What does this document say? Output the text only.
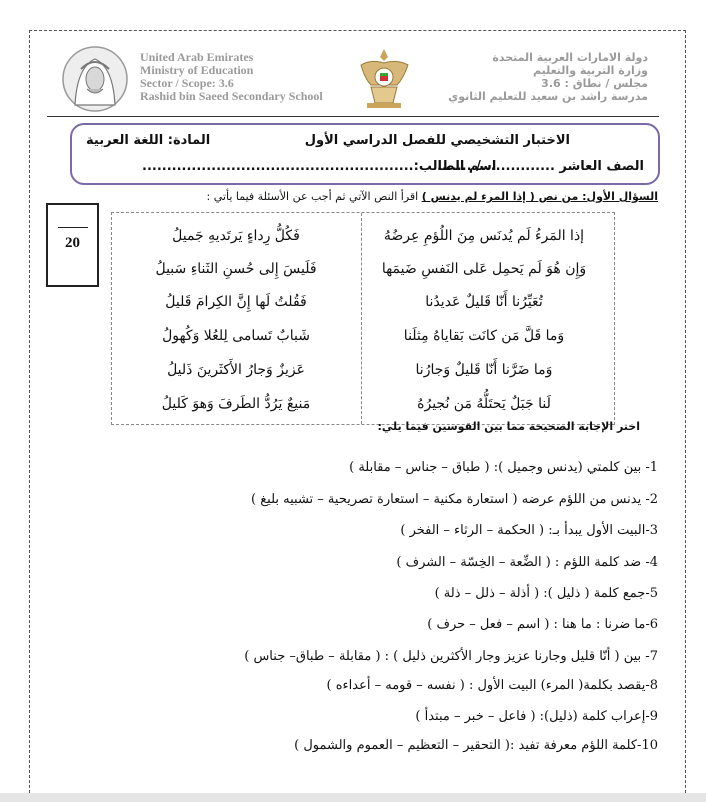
United Arab Emirates
Ministry of Education
Sector / Scope: 3.6
Rashid bin Saeed Secondary School
دولة الامارات العربية المتحدة
وزارة التربية والتعليم
مجلس / نطاق : 3.6
مدرسة راشد بن سعيد للتعليم الثانوي
الاختبار التشخيصي للفصل الدراسي الأول
المادة: اللغة العربية
الصف العاشر .............../ .......
اسم الطالب:.......................................................
20
السؤال الأول: من نص ( إذا المرء لم يدنس ) اقرأ النص الآتي ثم أجب عن الأسئلة فيما يأتي :
إذا المَرءُ لَم يُدنَس مِنَ اللُؤمِ عِرضُهُ
فَكُلُّ رِداءٍ يَرتَديهِ جَميلُ
وَإِن هُوَ لَم يَحمِل عَلى النَفسِ ضَيمَها
فَلَيسَ إِلى حُسنِ الثَناءِ سَبيلُ
تُعَيِّرُنا أَنّا قَليلٌ عَديدُنا
فَقُلتُ لَها إِنَّ الكِرامَ قَليلُ
وَما قَلَّ مَن كانَت بَقاياهُ مِثلَنا
شَبابٌ تَسامى لِلعُلا وَكُهولُ
وَما ضَرَّنا أَنّا قَليلٌ وَجارُنا
عَزيزٌ وَجارُ الأَكثَرينَ ذَليلُ
لَنا جَبَلٌ يَحتَلُّهُ مَن نُجيرُهُ
مَنيعٌ يَرُدُّ الطَرفَ وَهوَ كَليلُ
اختر الإجابة الصحيحة مما بين القوسين فيما يلي:
1- بين كلمتي (يدنس وجميل ): ( طباق – جناس – مقابلة )
2- يدنس من اللؤم عرضه ( استعارة مكنية – استعارة تصريحية – تشبيه بليغ )
3-البيت الأول يبدأ بـ: ( الحكمة – الرثاء – الفخر )
4- ضد كلمة اللؤم : ( الضِّعة – الخِسّة – الشرف )
5-جمع كلمة ( ذليل ): ( أذلة – ذلل – ذلة )
6-ما ضرنا : ما هنا : ( اسم – فعل – حرف )
7- بين ( أنّا قليل وجارنا عزيز وجار الأكثرين ذليل ) : ( مقابلة – طباق– جناس )
8-يقصد بكلمة( المرء) البيت الأول : ( نفسه – قومه – أعداءه )
9-إعراب كلمة (ذليل): ( فاعل – خبر – مبتدأ )
10-كلمة اللؤم معرفة تفيد :( التحقير – التعظيم – العموم والشمول )
